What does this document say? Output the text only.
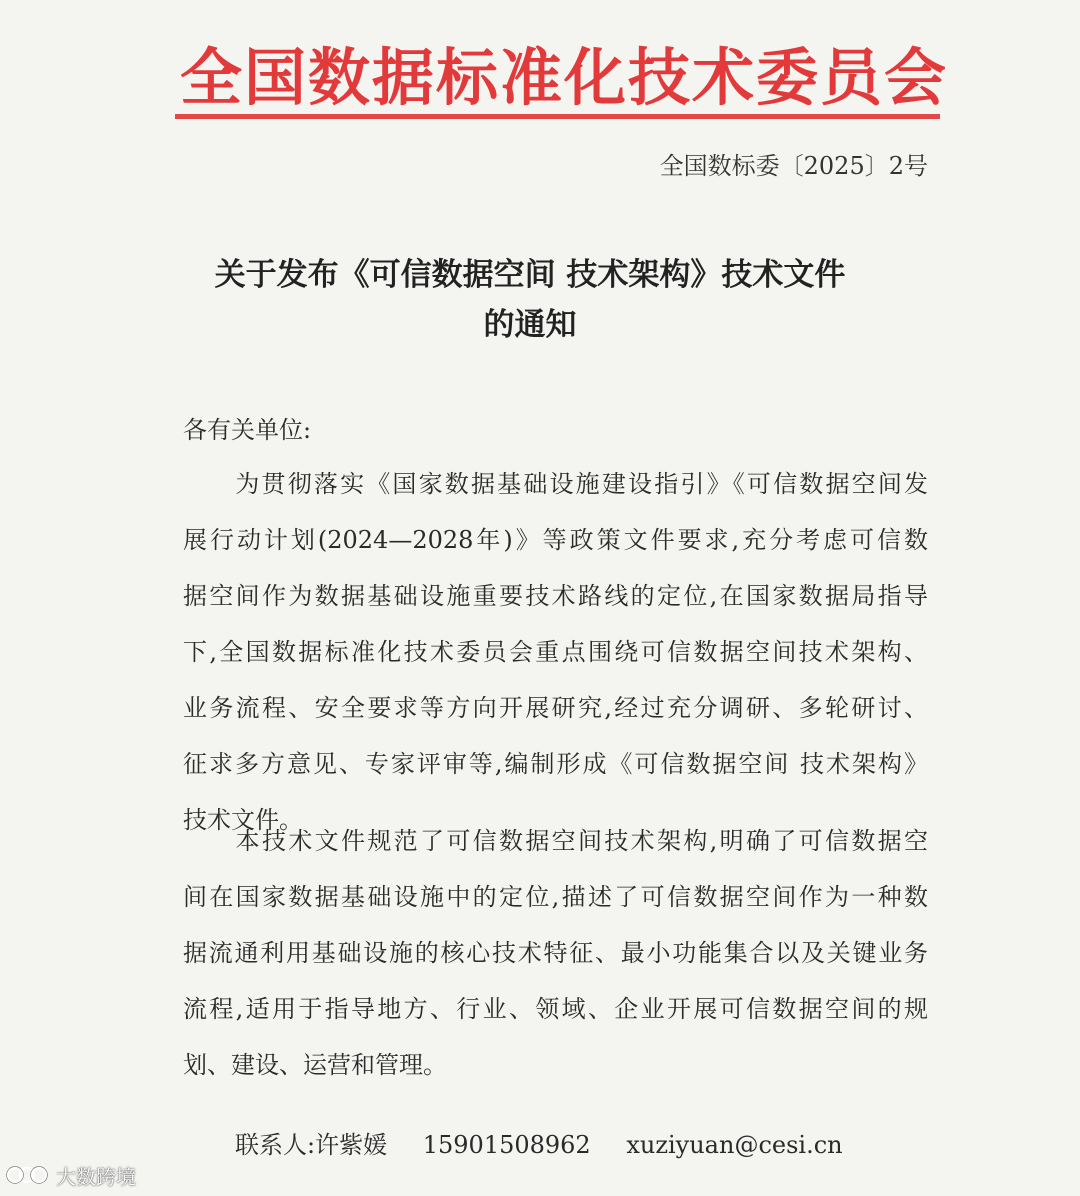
全国数据标准化技术委员会
全国数标委〔2025〕2号
关于发布《可信数据空间 技术架构》技术文件
的通知
各有关单位:
　　为贯彻落实《国家数据基础设施建设指引》《可信数据空间发
展行动计划(2024—2028年)》等政策文件要求,充分考虑可信数
据空间作为数据基础设施重要技术路线的定位,在国家数据局指导
下,全国数据标准化技术委员会重点围绕可信数据空间技术架构、
业务流程、安全要求等方向开展研究,经过充分调研、多轮研讨、
征求多方意见、专家评审等,编制形成《可信数据空间 技术架构》
技术文件。
　　本技术文件规范了可信数据空间技术架构,明确了可信数据空
间在国家数据基础设施中的定位,描述了可信数据空间作为一种数
据流通利用基础设施的核心技术特征、最小功能集合以及关键业务
流程,适用于指导地方、行业、领域、企业开展可信数据空间的规
划、建设、运营和管理。
联系人:许紫媛 15901508962 xuziyuan@cesi.cn
大数跨境
